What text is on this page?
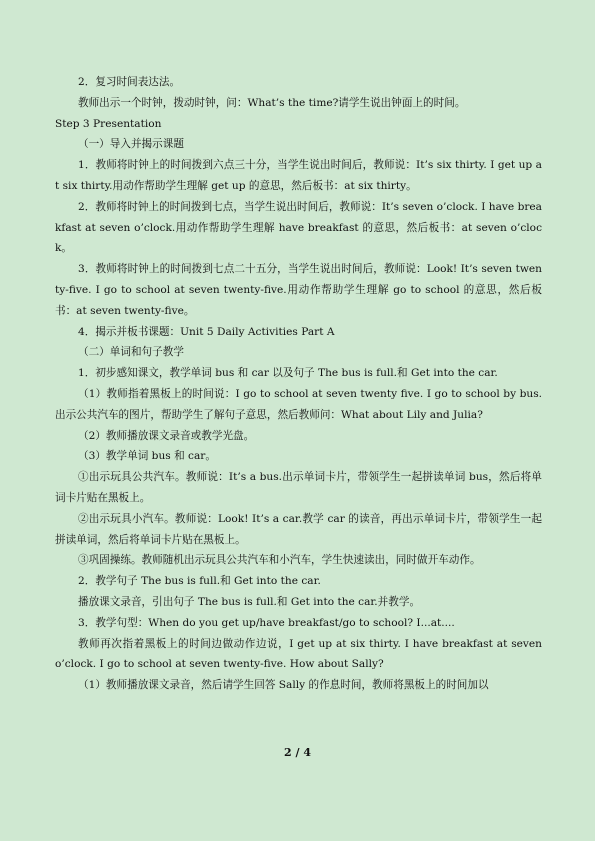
2．复习时间表达法。

教师出示一个时钟，拨动时钟，问：What’s the time?请学生说出钟面上的时间。

Step 3 Presentation

（一）导入并揭示课题

1．教师将时钟上的时间拨到六点三十分，当学生说出时间后，教师说：It’s six thirty. I get up at six thirty.用动作帮助学生理解 get up 的意思，然后板书：at six thirty。

2．教师将时钟上的时间拨到七点，当学生说出时间后，教师说：It’s seven o’clock. I have breakfast at seven o’clock.用动作帮助学生理解 have breakfast 的意思，然后板书：at seven o’clock。

3．教师将时钟上的时间拨到七点二十五分，当学生说出时间后，教师说：Look! It’s seven twenty-five. I go to school at seven twenty-five.用动作帮助学生理解 go to school 的意思，然后板书：at seven twenty-five。

4．揭示并板书课题：Unit 5 Daily Activities Part A

（二）单词和句子教学

1．初步感知课文，教学单词 bus 和 car 以及句子 The bus is full.和 Get into the car.

（1）教师指着黑板上的时间说：I go to school at seven twenty five. I go to school by bus.出示公共汽车的图片，帮助学生了解句子意思，然后教师问：What about Lily and Julia?

（2）教师播放课文录音或教学光盘。

（3）教学单词 bus 和 car。

①出示玩具公共汽车。教师说：It’s a bus.出示单词卡片，带领学生一起拼读单词 bus，然后将单词卡片贴在黑板上。

②出示玩具小汽车。教师说：Look! It’s a car.教学 car 的读音，再出示单词卡片，带领学生一起拼读单词，然后将单词卡片贴在黑板上。

③巩固操练。教师随机出示玩具公共汽车和小汽车，学生快速读出，同时做开车动作。

2．教学句子 The bus is full.和 Get into the car.

播放课文录音，引出句子 The bus is full.和 Get into the car.并教学。

3．教学句型：When do you get up/have breakfast/go to school? I...at....

教师再次指着黑板上的时间边做动作边说，I get up at six thirty. I have breakfast at seven o’clock. I go to school at seven twenty-five. How about Sally?

（1）教师播放课文录音，然后请学生回答 Sally 的作息时间，教师将黑板上的时间加以

2 / 4
